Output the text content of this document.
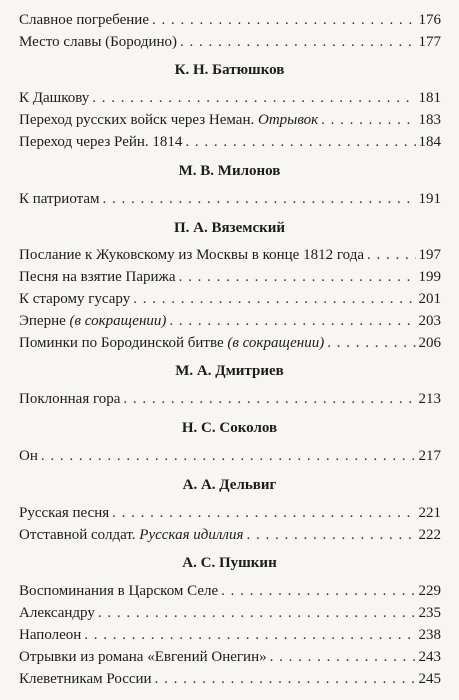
Славное погребение . . .	176
Место славы (Бородино) . . .	177
К. Н. Батюшков
К Дашкову . . .	181
Переход русских войск через Неман. Отрывок . . .	183
Переход через Рейн. 1814 . . .	184
М. В. Милонов
К патриотам . . .	191
П. А. Вяземский
Послание к Жуковскому из Москвы в конце 1812 года . . .	197
Песня на взятие Парижа . . .	199
К старому гусару . . .	201
Эперне (в сокращении) . . .	203
Поминки по Бородинской битве (в сокращении) . . .	206
М. А. Дмитриев
Поклонная гора . . .	213
Н. С. Соколов
Он . . .	217
А. А. Дельвиг
Русская песня . . .	221
Отставной солдат. Русская идиллия . . .	222
А. С. Пушкин
Воспоминания в Царском Селе . . .	229
Александру . . .	235
Наполеон . . .	238
Отрывки из романа «Евгений Онегин» . . .	243
Клеветникам России . . .	245
